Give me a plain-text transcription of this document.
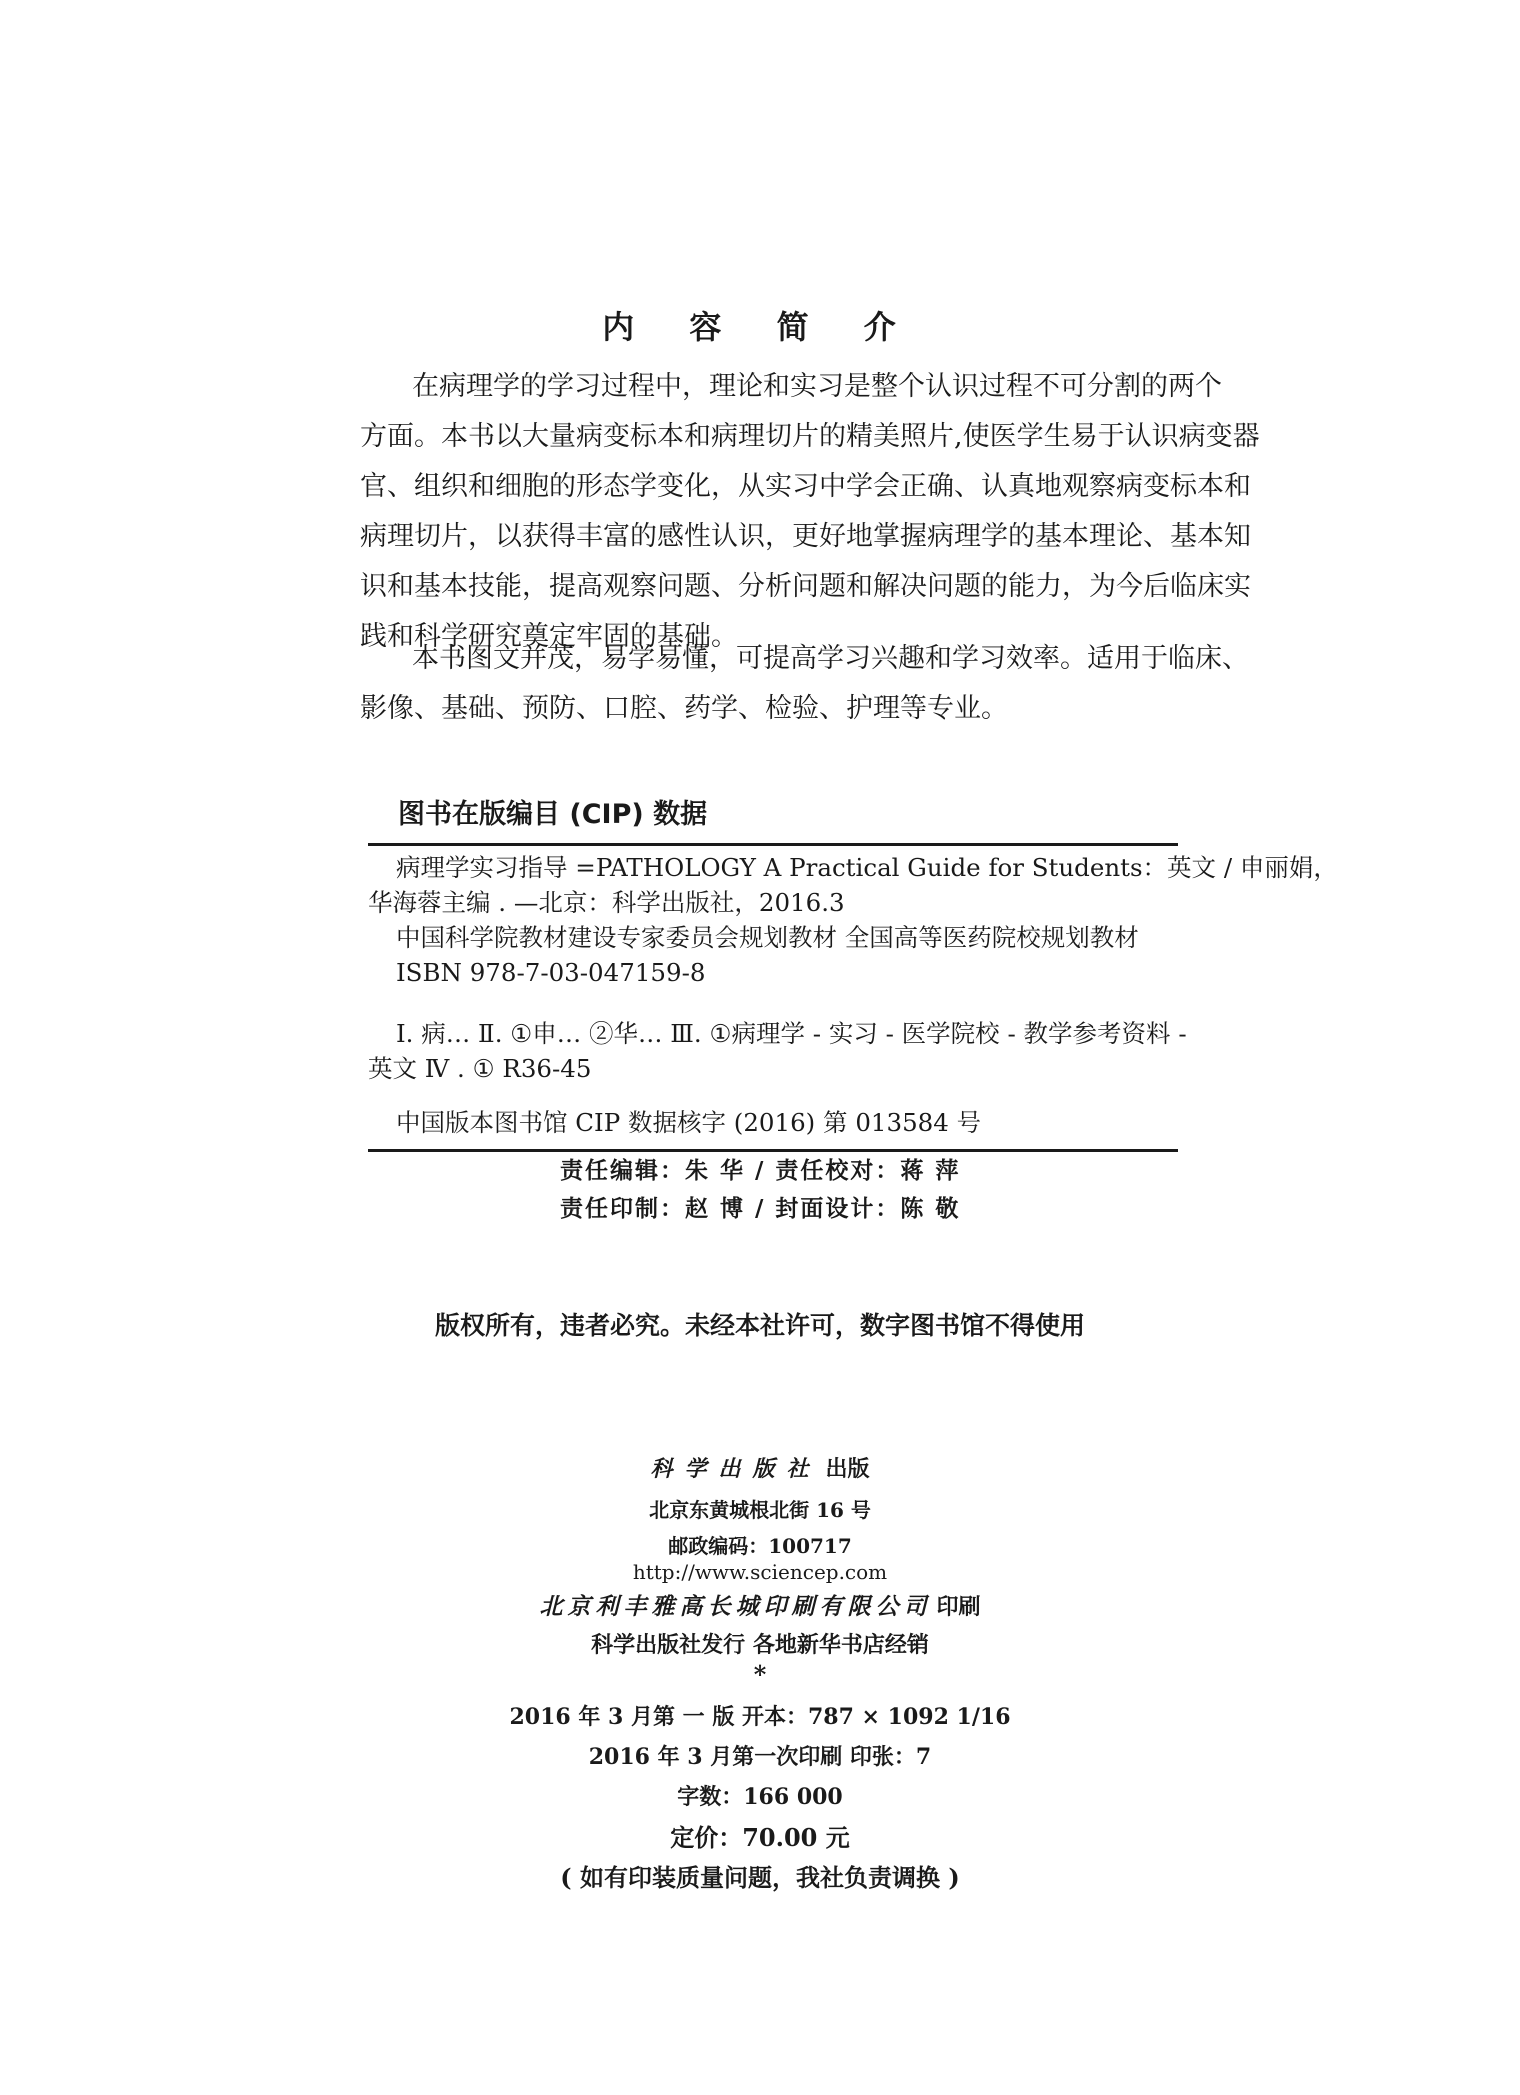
内 容 简 介
在病理学的学习过程中，理论和实习是整个认识过程不可分割的两个
方面。本书以大量病变标本和病理切片的精美照片,使医学生易于认识病变器
官、组织和细胞的形态学变化，从实习中学会正确、认真地观察病变标本和
病理切片，以获得丰富的感性认识，更好地掌握病理学的基本理论、基本知
识和基本技能，提高观察问题、分析问题和解决问题的能力，为今后临床实
践和科学研究奠定牢固的基础。
本书图文并茂，易学易懂，可提高学习兴趣和学习效率。适用于临床、
影像、基础、预防、口腔、药学、检验、护理等专业。
图书在版编目 (CIP) 数据
病理学实习指导 =PATHOLOGY A Practical Guide for Students：英文 / 申丽娟，
华海蓉主编 . —北京：科学出版社，2016.3
中国科学院教材建设专家委员会规划教材 全国高等医药院校规划教材
ISBN 978-7-03-047159-8
Ⅰ. 病… Ⅱ. ①申… ②华… Ⅲ. ①病理学 - 实习 - 医学院校 - 教学参考资料 -
英文 Ⅳ . ① R36-45
中国版本图书馆 CIP 数据核字 (2016) 第 013584 号
责任编辑：朱 华 / 责任校对：蒋 萍
责任印制：赵 博 / 封面设计：陈 敬
版权所有，违者必究。未经本社许可，数字图书馆不得使用
科学出版社 出版
北京东黄城根北街 16 号
邮政编码：100717
http://www.sciencep.com
北京利丰雅高长城印刷有限公司 印刷
科学出版社发行 各地新华书店经销
*
2016 年 3 月第 一 版 开本：787 × 1092 1/16
2016 年 3 月第一次印刷 印张：7
字数：166 000
定价：70.00 元
( 如有印装质量问题，我社负责调换 )
